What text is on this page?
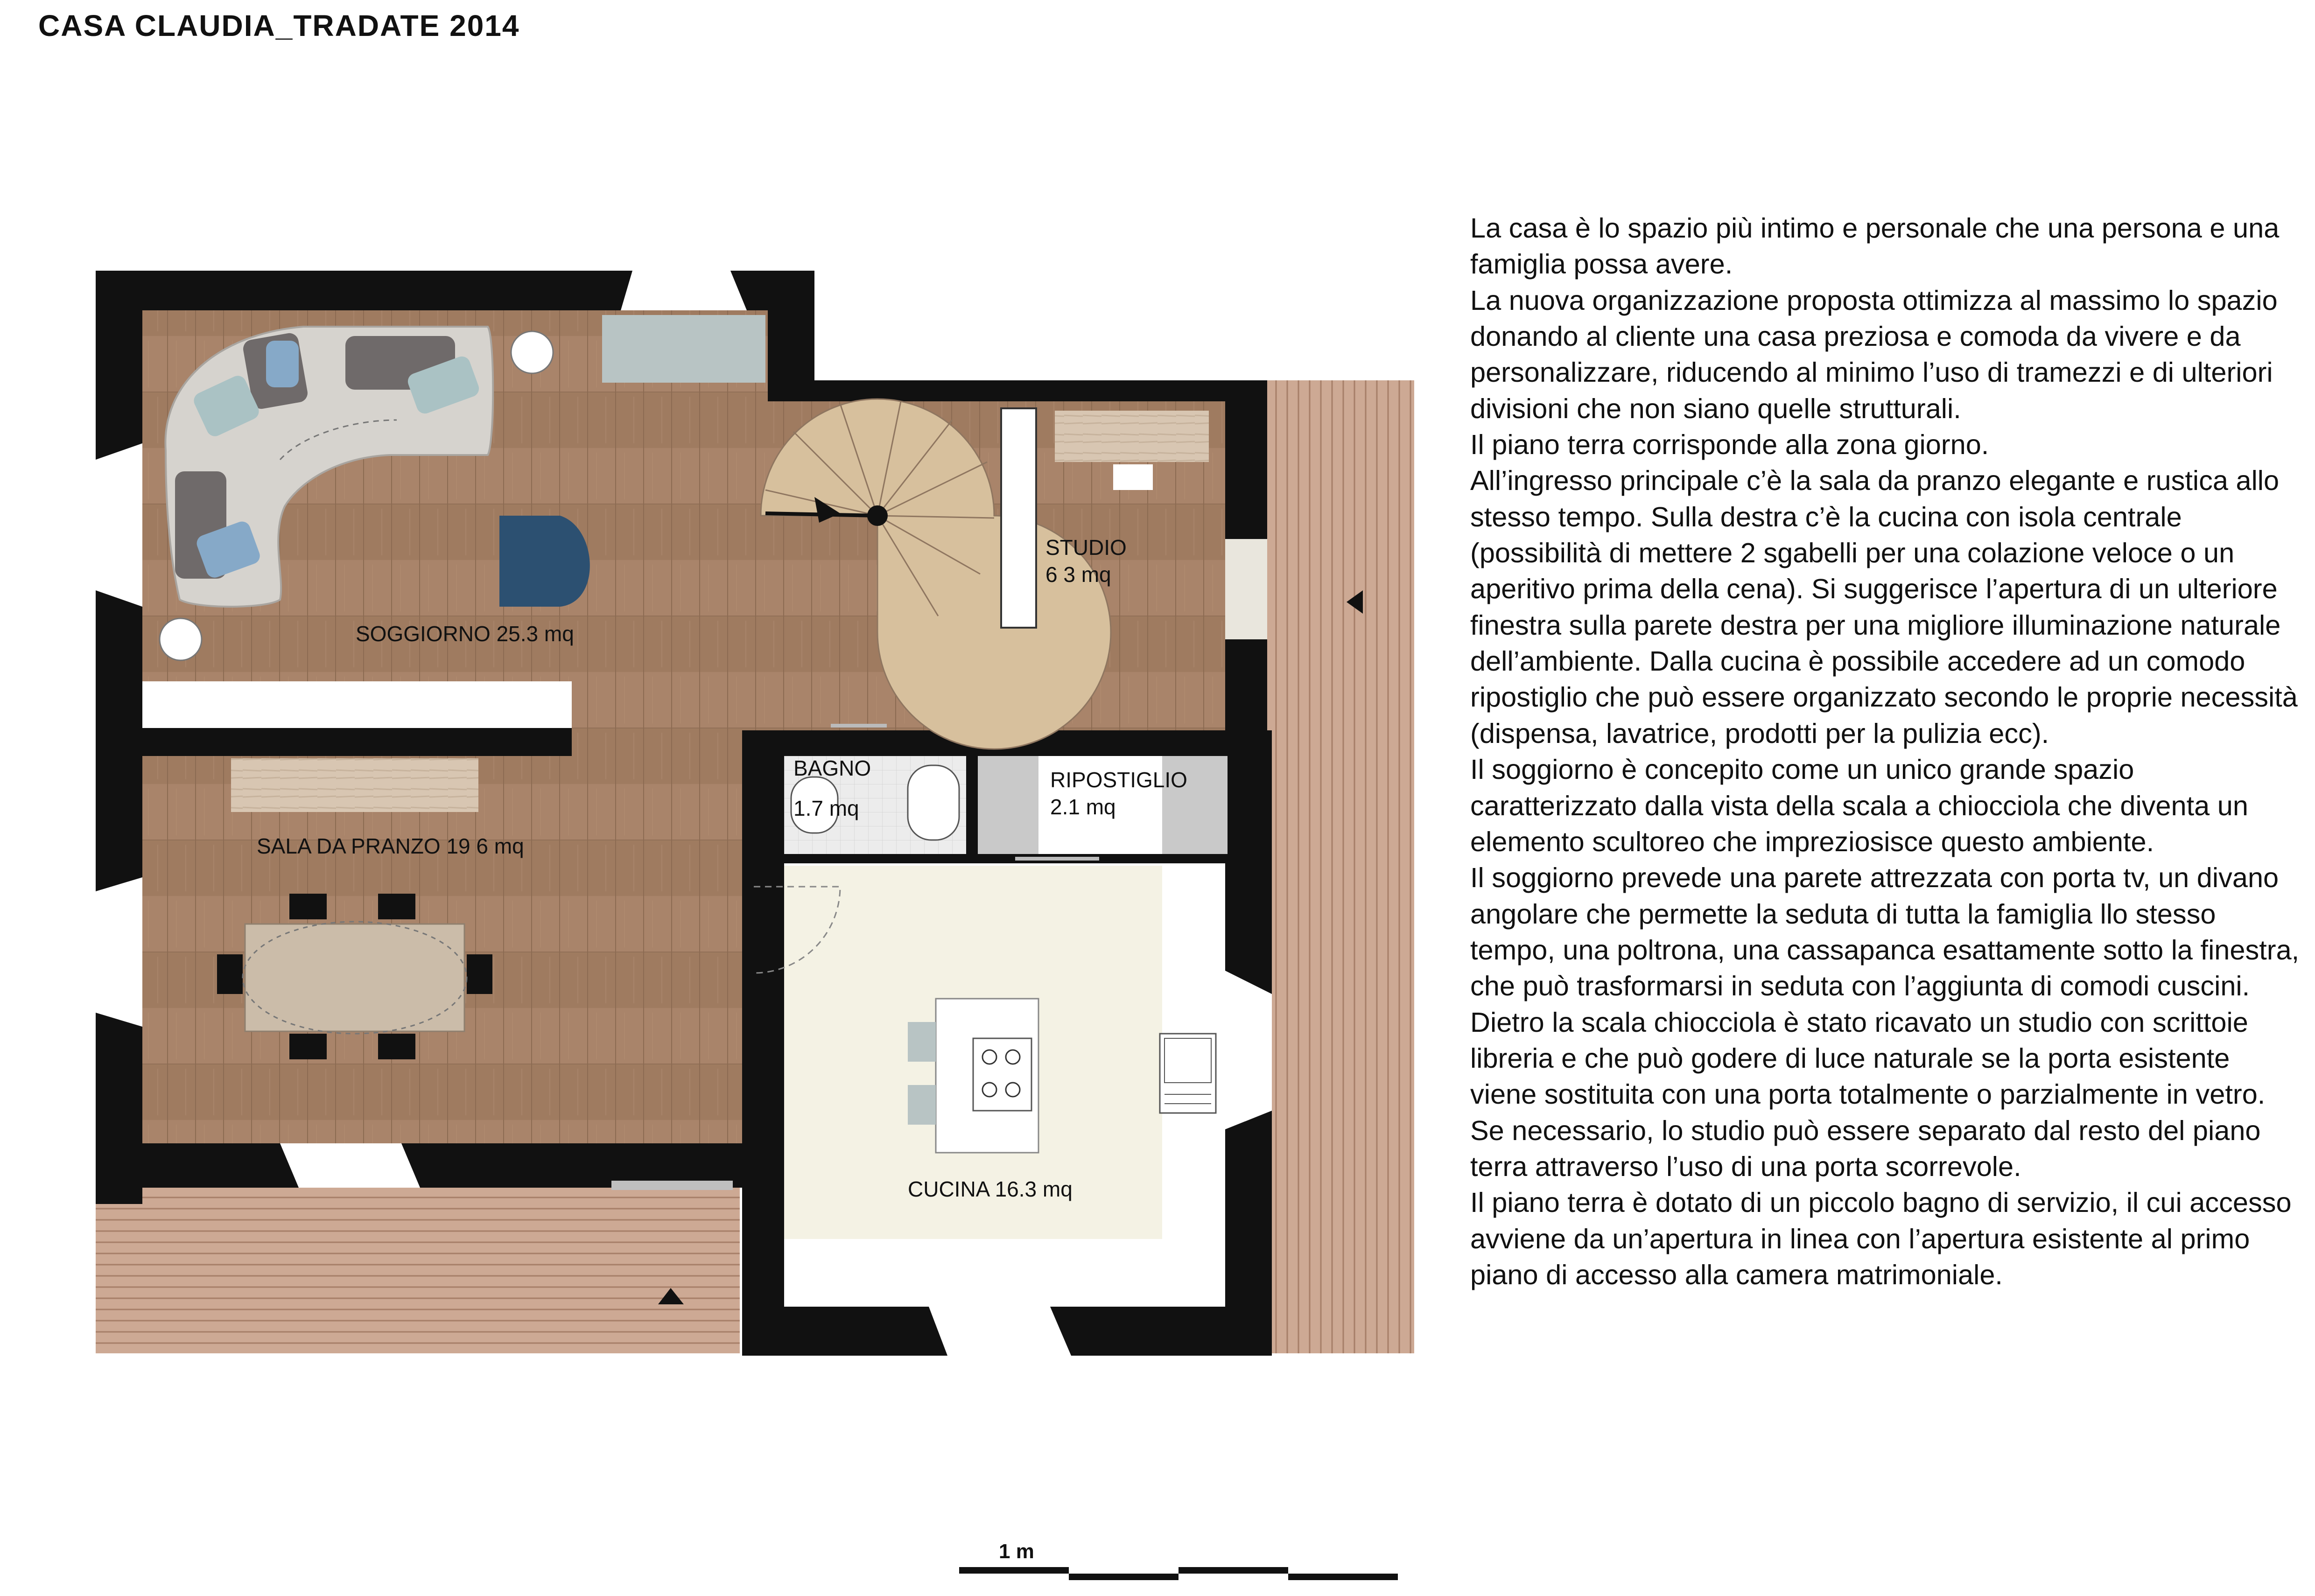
CASA CLAUDIA_TRADATE 2014
SOGGIORNO 25.3 mq
STUDIO
6 3 mq
SALA DA PRANZO 19 6 mq
BAGNO
1.7 mq
RIPOSTIGLIO
2.1 mq
CUCINA 16.3 mq

La casa è lo spazio più intimo e personale che una persona e una famiglia possa avere.

La nuova organizzazione proposta ottimizza al massimo lo spazio donando al cliente una casa preziosa e comoda da vivere e da personalizzare, riducendo al minimo l’uso di tramezzi e di ulteriori divisioni che non siano quelle strutturali.

Il piano terra corrisponde alla zona giorno.

All’ingresso principale c’è la sala da pranzo elegante e rustica allo stesso tempo. Sulla destra c’è la cucina con isola centrale (possibilità di mettere 2 sgabelli per una colazione veloce o un aperitivo prima della cena). Si suggerisce l’apertura di un ulteriore finestra sulla parete destra per una migliore illuminazione naturale dell’ambiente. Dalla cucina è possibile accedere ad un comodo ripostiglio che può essere organizzato secondo le proprie necessità (dispensa, lavatrice, prodotti per la pulizia ecc).

Il soggiorno è concepito come un unico grande spazio caratterizzato dalla vista della scala a chiocciola che diventa un elemento scultoreo che impreziosisce questo ambiente.

Il soggiorno prevede una parete attrezzata con porta tv, un divano angolare che permette la seduta di tutta la famiglia llo stesso tempo, una poltrona, una cassapanca esattamente sotto la finestra, che può trasformarsi in seduta con l’aggiunta di comodi cuscini. Dietro la scala chiocciola è stato ricavato un studio con scrittoie libreria e che può godere di luce naturale se la porta esistente viene sostituita con una porta totalmente o parzialmente in vetro. Se necessario, lo studio può essere separato dal resto del piano terra attraverso l’uso di una porta scorrevole.

Il piano terra è dotato di un piccolo bagno di servizio, il cui accesso avviene da un’apertura in linea con l’apertura esistente al primo piano di accesso alla camera matrimoniale.

1 m
